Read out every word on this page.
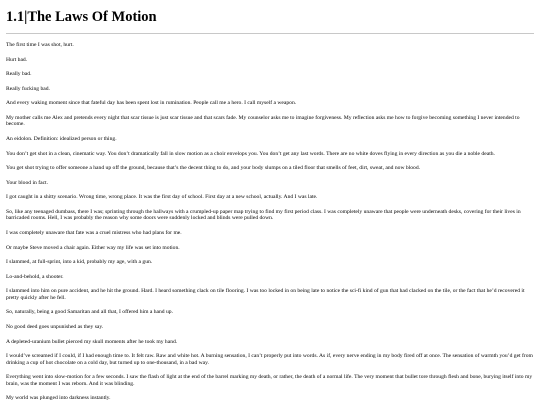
1.1|The Laws Of Motion

The first time I was shot, hurt.

Hurt bad.

Really bad.

Really fucking bad.

And every waking moment since that fateful day has been spent lost in rumination. People call me a hero. I call myself a weapon.

My mother calls me Alex and pretends every night that scar tissue is just scar tissue and that scars fade. My counselor asks me to imagine forgiveness. My reflection asks me how to forgive becoming something I never intended to become.

An eidolon. Definition: idealized person or thing.

You don’t get shot in a clean, cinematic way. You don’t dramatically fall in slow motion as a choir envelops you. You don’t get any last words. There are no white doves flying in every direction as you die a noble death.

You get shot trying to offer someone a hand up off the ground, because that’s the decent thing to do, and your body slumps on a tiled floor that smells of feet, dirt, sweat, and now blood.

Your blood in fact.

I got caught in a shitty scenario. Wrong time, wrong place. It was the first day of school. First day at a new school, actually. And I was late.

So, like any teenaged dumbass, there I was; sprinting through the hallways with a crumpled-up paper map trying to find my first period class. I was completely unaware that people were underneath desks, covering for their lives in barricaded rooms. Hell, I was probably the reason why some doors were suddenly locked and blinds were pulled down.

I was completely unaware that fate was a cruel mistress who had plans for me.

Or maybe Steve moved a chair again. Either way my life was set into motion.

I slammed, at full-sprint, into a kid, probably my age, with a gun.

Lo-and-behold, a shooter.

I slammed into him on pure accident, and he hit the ground. Hard. I heard something clack on tile flooring. I was too locked in on being late to notice the sci-fi kind of gun that had clacked on the tile, or the fact that he’d recovered it pretty quickly after he fell.

So, naturally, being a good Samaritan and all that, I offered him a hand up.

No good deed goes unpunished as they say.

A depleted-uranium bullet pierced my skull moments after he took my hand.

I would’ve screamed if I could, if I had enough time to. It felt raw. Raw and white hot. A burning sensation, I can’t properly put into words. As if, every nerve ending in my body fired off at once. The sensation of warmth you’d get from drinking a cup of hot chocolate on a cold day, but turned up to one-thousand, in a bad way.

Everything went into slow-motion for a few seconds. I saw the flash of light at the end of the barrel marking my death, or rather, the death of a normal life. The very moment that bullet tore through flesh and bone, burying itself into my brain, was the moment I was reborn. And it was blinding.

My world was plunged into darkness instantly.
